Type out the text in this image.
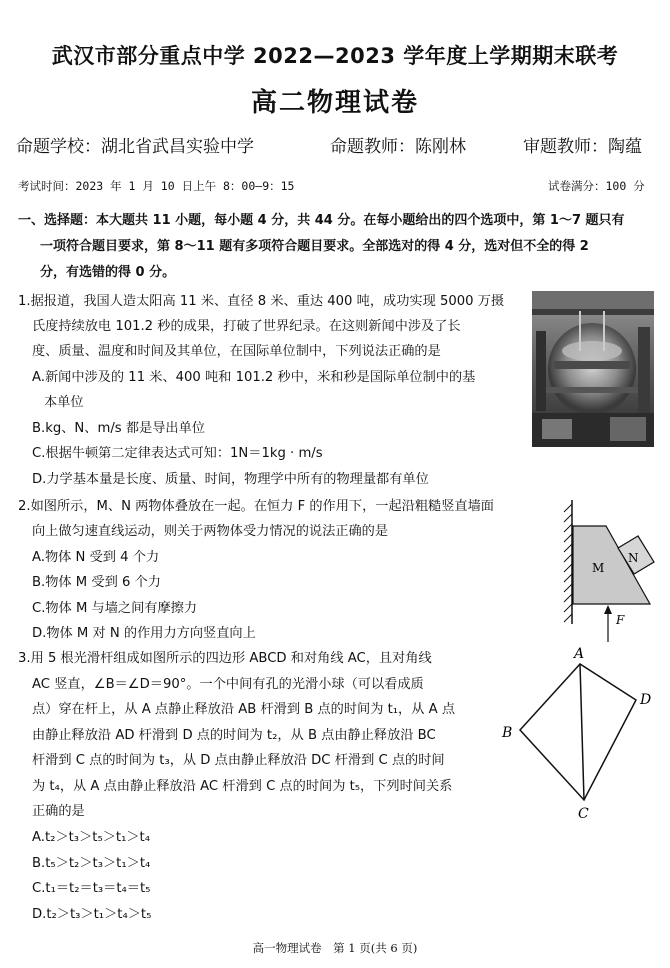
武汉市部分重点中学 2022—2023 学年度上学期期末联考
高二物理试卷
命题学校：湖北省武昌实验中学	命题教师：陈刚林	审题教师：陶蕴
考试时间：2023 年 1 月 10 日上午 8：00—9：15	试卷满分：100 分
一、选择题：本大题共 11 小题，每小题 4 分，共 44 分。在每小题给出的四个选项中，第 1～7 题只有
一项符合题目要求，第 8～11 题有多项符合题目要求。全部选对的得 4 分，选对但不全的得 2
分，有选错的得 0 分。
1.据报道，我国人造太阳高 11 米、直径 8 米、重达 400 吨，成功实现 5000 万摄
氏度持续放电 101.2 秒的成果，打破了世界纪录。在这则新闻中涉及了长
度、质量、温度和时间及其单位，在国际单位制中，下列说法正确的是
A.新闻中涉及的 11 米、400 吨和 101.2 秒中，米和秒是国际单位制中的基
本单位
B.kg、N、m/s 都是导出单位
C.根据牛顿第二定律表达式可知：1N＝1kg · m/s
D.力学基本量是长度、质量、时间，物理学中所有的物理量都有单位
2.如图所示，M、N 两物体叠放在一起。在恒力 F 的作用下，一起沿粗糙竖直墙面
向上做匀速直线运动，则关于两物体受力情况的说法正确的是
A.物体 N 受到 4 个力
B.物体 M 受到 6 个力
C.物体 M 与墙之间有摩擦力
D.物体 M 对 N 的作用力方向竖直向上
M
N
F
3.用 5 根光滑杆组成如图所示的四边形 ABCD 和对角线 AC，且对角线
AC 竖直，∠B＝∠D＝90°。一个中间有孔的光滑小球（可以看成质
点）穿在杆上，从 A 点静止释放沿 AB 杆滑到 B 点的时间为 t₁，从 A 点
由静止释放沿 AD 杆滑到 D 点的时间为 t₂，从 B 点由静止释放沿 BC
杆滑到 C 点的时间为 t₃，从 D 点由静止释放沿 DC 杆滑到 C 点的时间
为 t₄，从 A 点由静止释放沿 AC 杆滑到 C 点的时间为 t₅，下列时间关系
正确的是
A.t₂＞t₃＞t₅＞t₁＞t₄
B.t₅＞t₂＞t₃＞t₁＞t₄
C.t₁＝t₂＝t₃＝t₄＝t₅
D.t₂＞t₃＞t₁＞t₄＞t₅
A
B
C
D
高一物理试卷　第 1 页(共 6 页)
